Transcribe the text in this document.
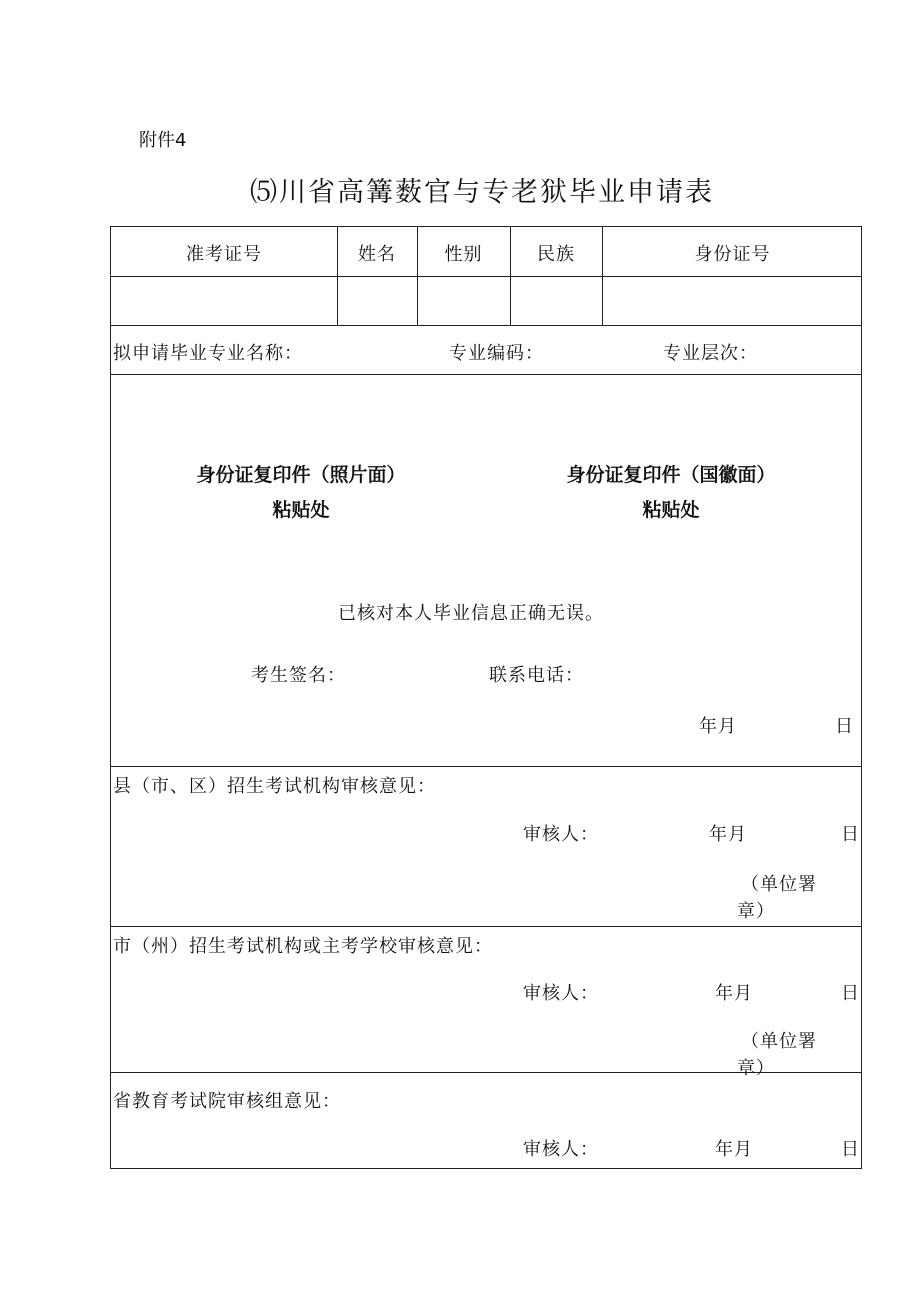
附件4
⑸川省高篝薮官与专老狱毕业申请表
准考证号	姓名	性别	民族	身份证号
拟申请毕业专业名称：	专业编码：	专业层次：
身份证复印件（照片面）
粘贴处
身份证复印件（国徽面）
粘贴处
已核对本人毕业信息正确无误。
考生签名：	联系电话：
年月	日
县（市、区）招生考试机构审核意见：
审核人：	年月	日
（单位署
章）
市（州）招生考试机构或主考学校审核意见：
审核人：	年月	日
（单位署
章）
省教育考试院审核组意见：
审核人：	年月	日
